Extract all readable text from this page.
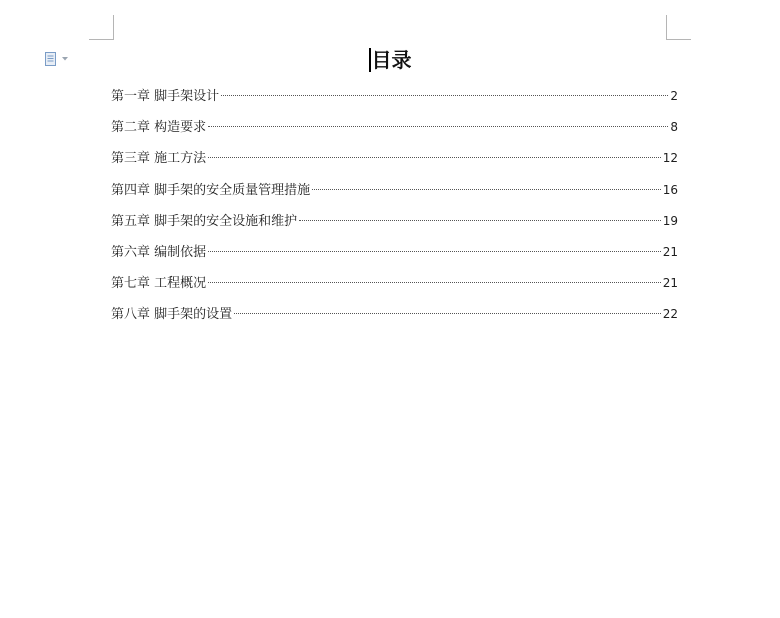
目录
第一章 脚手架设计	2
第二章 构造要求	8
第三章 施工方法	12
第四章 脚手架的安全质量管理措施	16
第五章 脚手架的安全设施和维护	19
第六章 编制依据	21
第七章 工程概况	21
第八章 脚手架的设置	22
